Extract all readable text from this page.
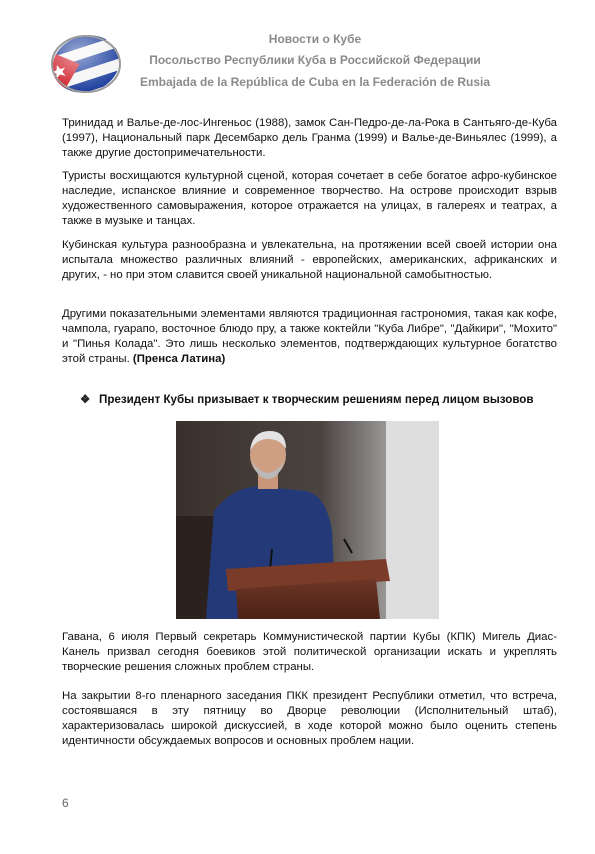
Новости о Кубе
Посольство Республики Куба в Российской Федерации
Embajada de la República de Cuba en la Federación de Rusia

Тринидад и Валье-де-лос-Ингеньос (1988), замок Сан-Педро-де-ла-Рока в Сантьяго-де-Куба (1997), Национальный парк Десембарко дель Гранма (1999) и Валье-де-Виньялес (1999), а также другие достопримечательности.

Туристы восхищаются культурной сценой, которая сочетает в себе богатое афро-кубинское наследие, испанское влияние и современное творчество. На острове происходит взрыв художественного самовыражения, которое отражается на улицах, в галереях и театрах, а также в музыке и танцах.

Кубинская культура разнообразна и увлекательна, на протяжении всей своей истории она испытала множество различных влияний - европейских, американских, африканских и других, - но при этом славится своей уникальной национальной самобытностью.

Другими показательными элементами являются традиционная гастрономия, такая как кофе, чампола, гуарапо, восточное блюдо пру, а также коктейли "Куба Либре", "Дайкири", "Мохито" и "Пинья Колада". Это лишь несколько элементов, подтверждающих культурное богатство этой страны. (Пренса Латина)

❖ Президент Кубы призывает к творческим решениям перед лицом вызовов

Гавана, 6 июля Первый секретарь Коммунистической партии Кубы (КПК) Мигель Диас-Канель призвал сегодня боевиков этой политической организации искать и укреплять творческие решения сложных проблем страны.

На закрытии 8-го пленарного заседания ПКК президент Республики отметил, что встреча, состоявшаяся в эту пятницу во Дворце революции (Исполнительный штаб), характеризовалась широкой дискуссией, в ходе которой можно было оценить степень идентичности обсуждаемых вопросов и основных проблем нации.

6
